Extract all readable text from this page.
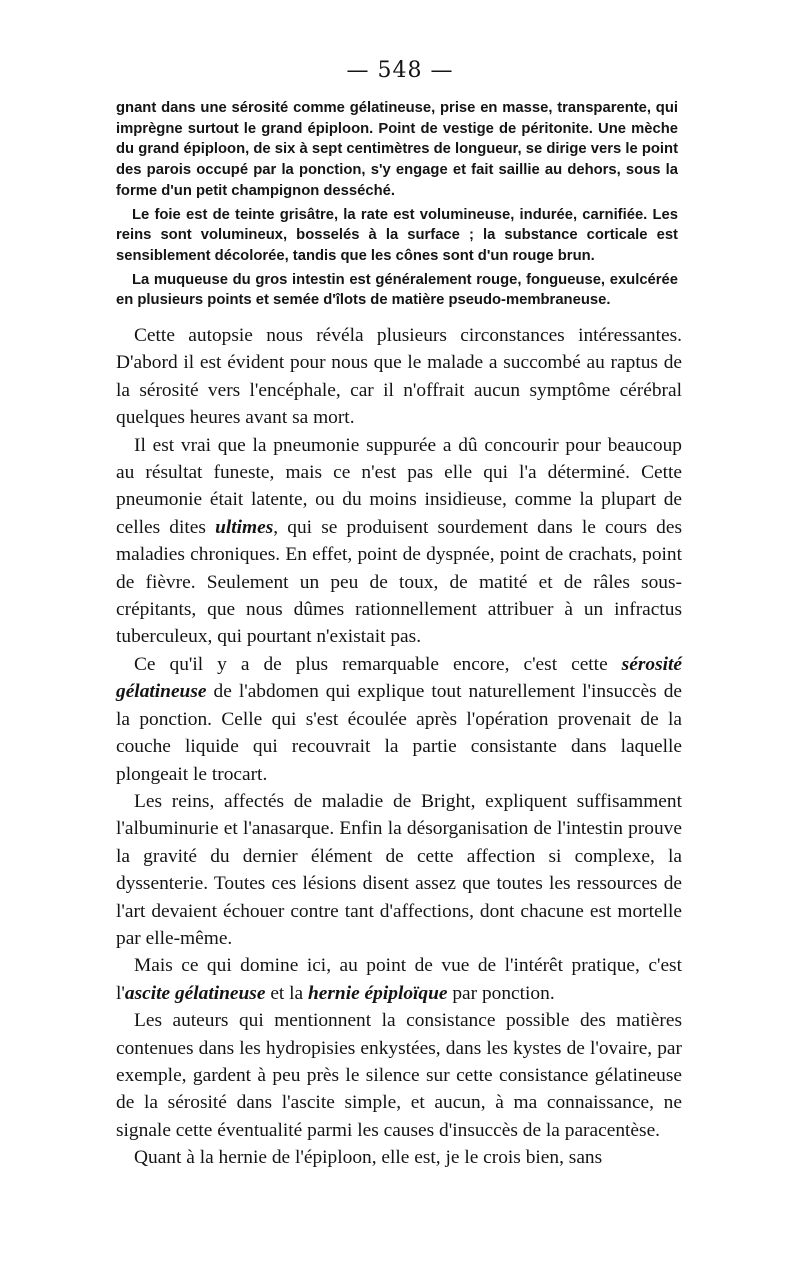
— 548 —

gnant dans une sérosité comme gélatineuse, prise en masse, transparente, qui imprègne surtout le grand épiploon. Point de vestige de péritonite. Une mèche du grand épiploon, de six à sept centimètres de longueur, se dirige vers le point des parois occupé par la ponction, s'y engage et fait saillie au dehors, sous la forme d'un petit champignon desséché.

Le foie est de teinte grisâtre, la rate est volumineuse, indurée, carnifiée. Les reins sont volumineux, bosselés à la surface ; la substance corticale est sensiblement décolorée, tandis que les cônes sont d'un rouge brun.

La muqueuse du gros intestin est généralement rouge, fongueuse, exulcérée en plusieurs points et semée d'îlots de matière pseudo-membraneuse.

Cette autopsie nous révéla plusieurs circonstances intéressantes. D'abord il est évident pour nous que le malade a succombé au raptus de la sérosité vers l'encéphale, car il n'offrait aucun symptôme cérébral quelques heures avant sa mort.

Il est vrai que la pneumonie suppurée a dû concourir pour beaucoup au résultat funeste, mais ce n'est pas elle qui l'a déterminé. Cette pneumonie était latente, ou du moins insidieuse, comme la plupart de celles dites ultimes, qui se produisent sourdement dans le cours des maladies chroniques. En effet, point de dyspnée, point de crachats, point de fièvre. Seulement un peu de toux, de matité et de râles sous-crépitants, que nous dûmes rationnellement attribuer à un infractus tuberculeux, qui pourtant n'existait pas.

Ce qu'il y a de plus remarquable encore, c'est cette sérosité gélatineuse de l'abdomen qui explique tout naturellement l'insuccès de la ponction. Celle qui s'est écoulée après l'opération provenait de la couche liquide qui recouvrait la partie consistante dans laquelle plongeait le trocart.

Les reins, affectés de maladie de Bright, expliquent suffisamment l'albuminurie et l'anasarque. Enfin la désorganisation de l'intestin prouve la gravité du dernier élément de cette affection si complexe, la dyssenterie. Toutes ces lésions disent assez que toutes les ressources de l'art devaient échouer contre tant d'affections, dont chacune est mortelle par elle-même.

Mais ce qui domine ici, au point de vue de l'intérêt pratique, c'est l'ascite gélatineuse et la hernie épiploïque par ponction.

Les auteurs qui mentionnent la consistance possible des matières contenues dans les hydropisies enkystées, dans les kystes de l'ovaire, par exemple, gardent à peu près le silence sur cette consistance gélatineuse de la sérosité dans l'ascite simple, et aucun, à ma connaissance, ne signale cette éventualité parmi les causes d'insuccès de la paracentèse.

Quant à la hernie de l'épiploon, elle est, je le crois bien, sans
